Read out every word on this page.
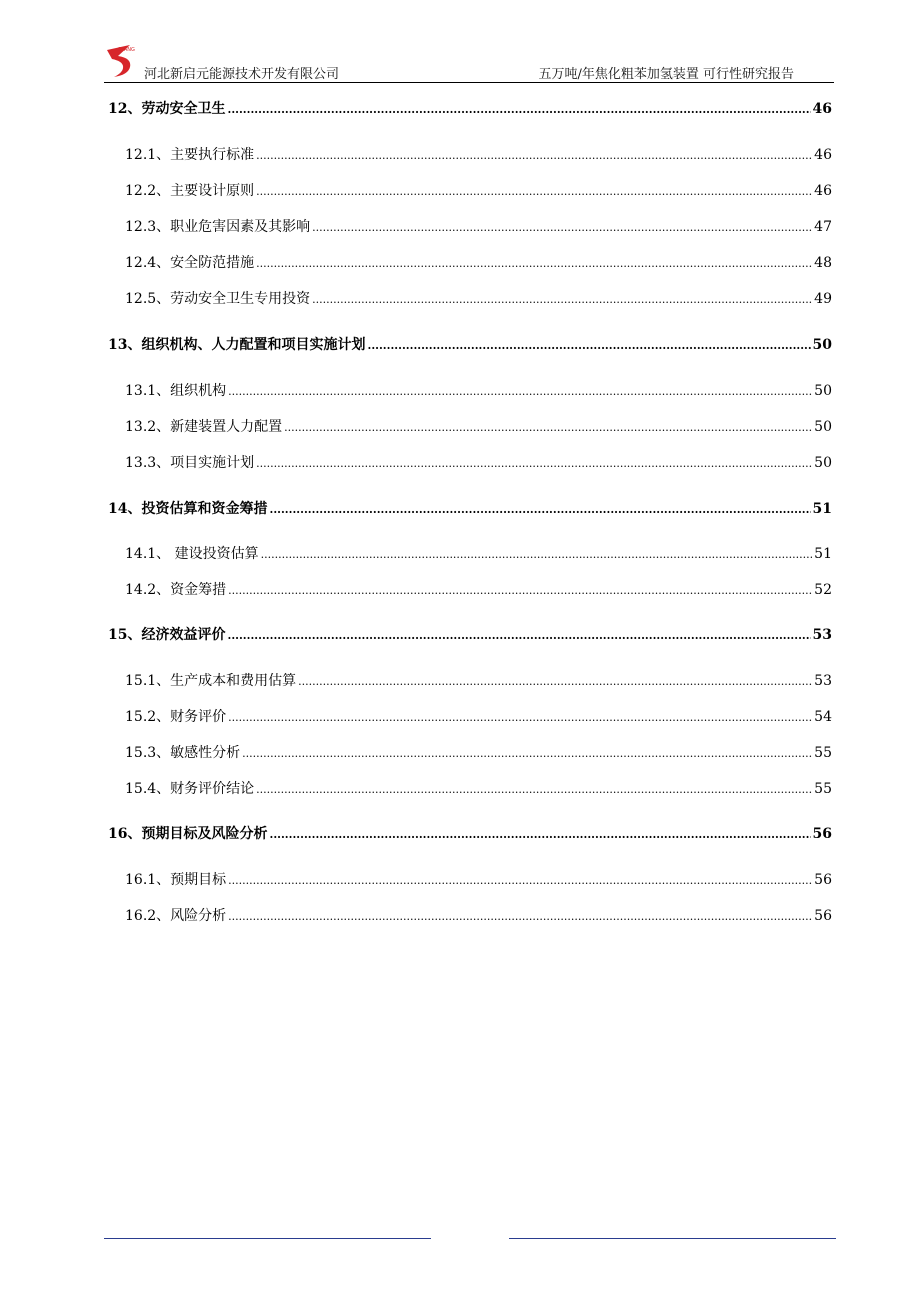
SPANG
河北新启元能源技术开发有限公司	五万吨/年焦化粗苯加氢装置 可行性研究报告
12、劳动安全卫生 .....	46
12.1、主要执行标准 .....	46
12.2、主要设计原则 .....	46
12.3、职业危害因素及其影响 .....	47
12.4、安全防范措施 .....	48
12.5、劳动安全卫生专用投资 .....	49
13、组织机构、人力配置和项目实施计划 .....	50
13.1、组织机构 .....	50
13.2、新建装置人力配置 .....	50
13.3、项目实施计划 .....	50
14、投资估算和资金筹措 .....	51
14.1、 建设投资估算 .....	51
14.2、资金筹措 .....	52
15、经济效益评价 .....	53
15.1、生产成本和费用估算 .....	53
15.2、财务评价 .....	54
15.3、敏感性分析 .....	55
15.4、财务评价结论 .....	55
16、预期目标及风险分析 .....	56
16.1、预期目标 .....	56
16.2、风险分析 .....	56
